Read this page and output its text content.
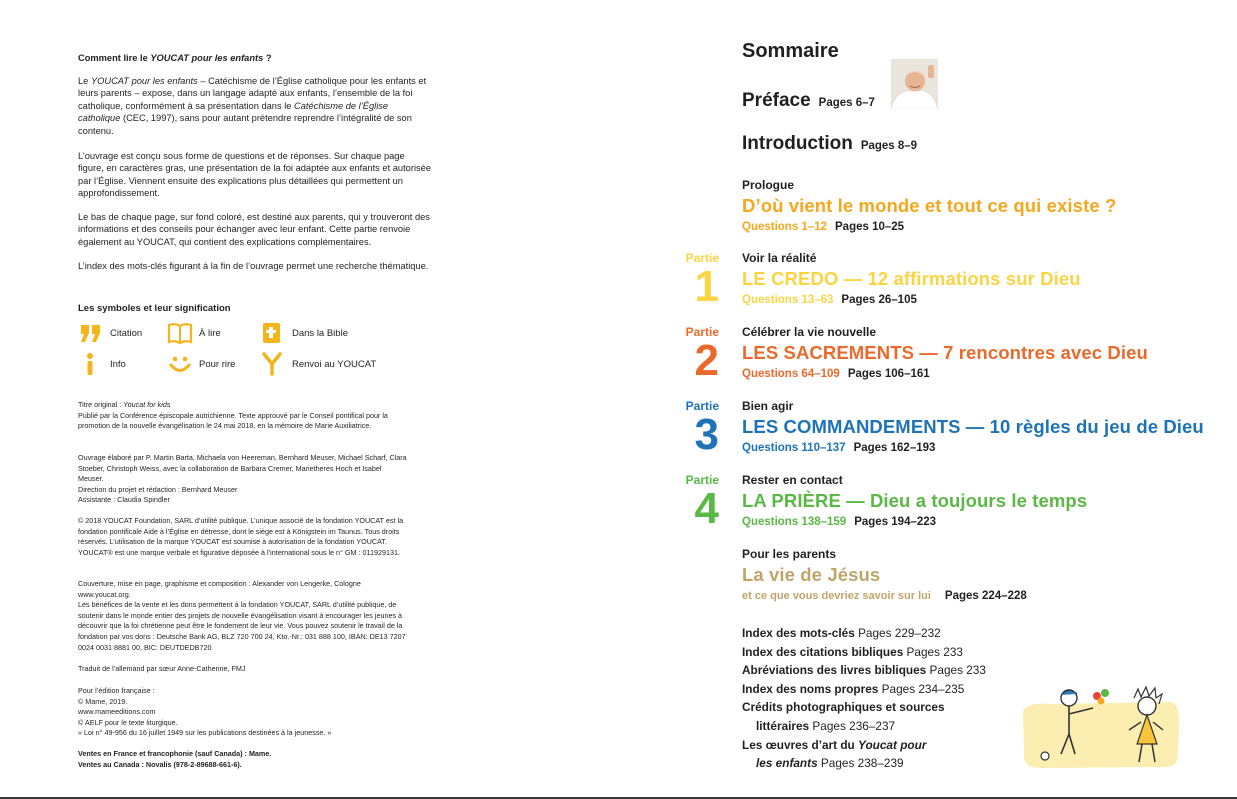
Comment lire le YOUCAT pour les enfants ?

Le YOUCAT pour les enfants – Catéchisme de l’Église catholique pour les enfants et leurs parents – expose, dans un langage adapté aux enfants, l’ensemble de la foi catholique, conformément à sa présentation dans le Catéchisme de l’Église catholique (CEC, 1997), sans pour autant prétendre reprendre l’intégralité de son contenu.

L’ouvrage est conçu sous forme de questions et de réponses. Sur chaque page figure, en caractères gras, une présentation de la foi adaptée aux enfants et autorisée par l’Église. Viennent ensuite des explications plus détaillées qui permettent un approfondissement.

Le bas de chaque page, sur fond coloré, est destiné aux parents, qui y trouveront des informations et des conseils pour échanger avec leur enfant. Cette partie renvoie également au YOUCAT, qui contient des explications complémentaires.

L’index des mots-clés figurant à la fin de l’ouvrage permet une recherche thématique.

Les symboles et leur signification
Citation	À lire	Dans la Bible
Info	Pour rire	Renvoi au YOUCAT

Titre original : Youcat for kids

Publié par la Conférence épiscopale autrichienne. Texte approuvé par le Conseil pontifical pour la promotion de la nouvelle évangélisation le 24 mai 2018, en la mémoire de Marie Auxiliatrice.

Ouvrage élaboré par P. Martin Barta, Michaela von Heereman, Bernhard Meuser, Michael Scharf, Clara Stoeber, Christoph Weiss, avec la collaboration de Barbara Cremer, Marietheres Hoch et Isabel Meuser.

Direction du projet et rédaction : Bernhard Meuser

Assistante : Claudia Spindler

© 2018 YOUCAT Foundation, SARL d’utilité publique. L’unique associé de la fondation YOUCAT est la fondation pontificale Aide à l’Église en détresse, dont le siège est à Königstein im Taunus. Tous droits réservés. L’utilisation de la marque YOUCAT est soumise à autorisation de la fondation YOUCAT. YOUCAT® est une marque verbale et figurative déposée à l’international sous le n° GM : 011929131.

Couverture, mise en page, graphisme et composition : Alexander von Lengerke, Cologne

www.youcat.org.

Les bénéfices de la vente et les dons permettent à la fondation YOUCAT, SARL d’utilité publique, de soutenir dans le monde entier des projets de nouvelle évangélisation visant à encourager les jeunes à découvrir que la foi chrétienne peut être le fondement de leur vie. Vous pouvez soutenir le travail de la fondation par vos dons : Deutsche Bank AG, BLZ 720 700 24, Kto.-Nr.: 031 888 100, IBAN: DE13 7207 0024 0031 8881 00, BIC: DEUTDEDB720

Traduit de l’allemand par sœur Anne-Catherine, FMJ

Pour l’édition française :

© Mame, 2019.

www.mameeditions.com

© AELF pour le texte liturgique.

« Loi n° 49-956 du 16 juillet 1949 sur les publications destinées à la jeunesse. »

Ventes en France et francophonie (sauf Canada) : Mame.

Ventes au Canada : Novalis (978-2-89688-661-6).

Sommaire
Préface Pages 6–7
Introduction Pages 8–9
Prologue
D’où vient le monde et tout ce qui existe ?
Questions 1–12 Pages 10–25
Partie
1
Voir la réalité
LE CREDO — 12 affirmations sur Dieu
Questions 13–63 Pages 26–105
Partie
2
Célébrer la vie nouvelle
LES SACREMENTS — 7 rencontres avec Dieu
Questions 64–109 Pages 106–161
Partie
3
Bien agir
LES COMMANDEMENTS — 10 règles du jeu de Dieu
Questions 110–137 Pages 162–193
Partie
4
Rester en contact
LA PRIÈRE — Dieu a toujours le temps
Questions 138–159 Pages 194–223
Pour les parents
La vie de Jésus
et ce que vous devriez savoir sur lui Pages 224–228
Index des mots-clés Pages 229–232
Index des citations bibliques Pages 233
Abréviations des livres bibliques Pages 233
Index des noms propres Pages 234–235
Crédits photographiques et sources
littéraires Pages 236–237
Les œuvres d’art du Youcat pour
les enfants Pages 238–239
